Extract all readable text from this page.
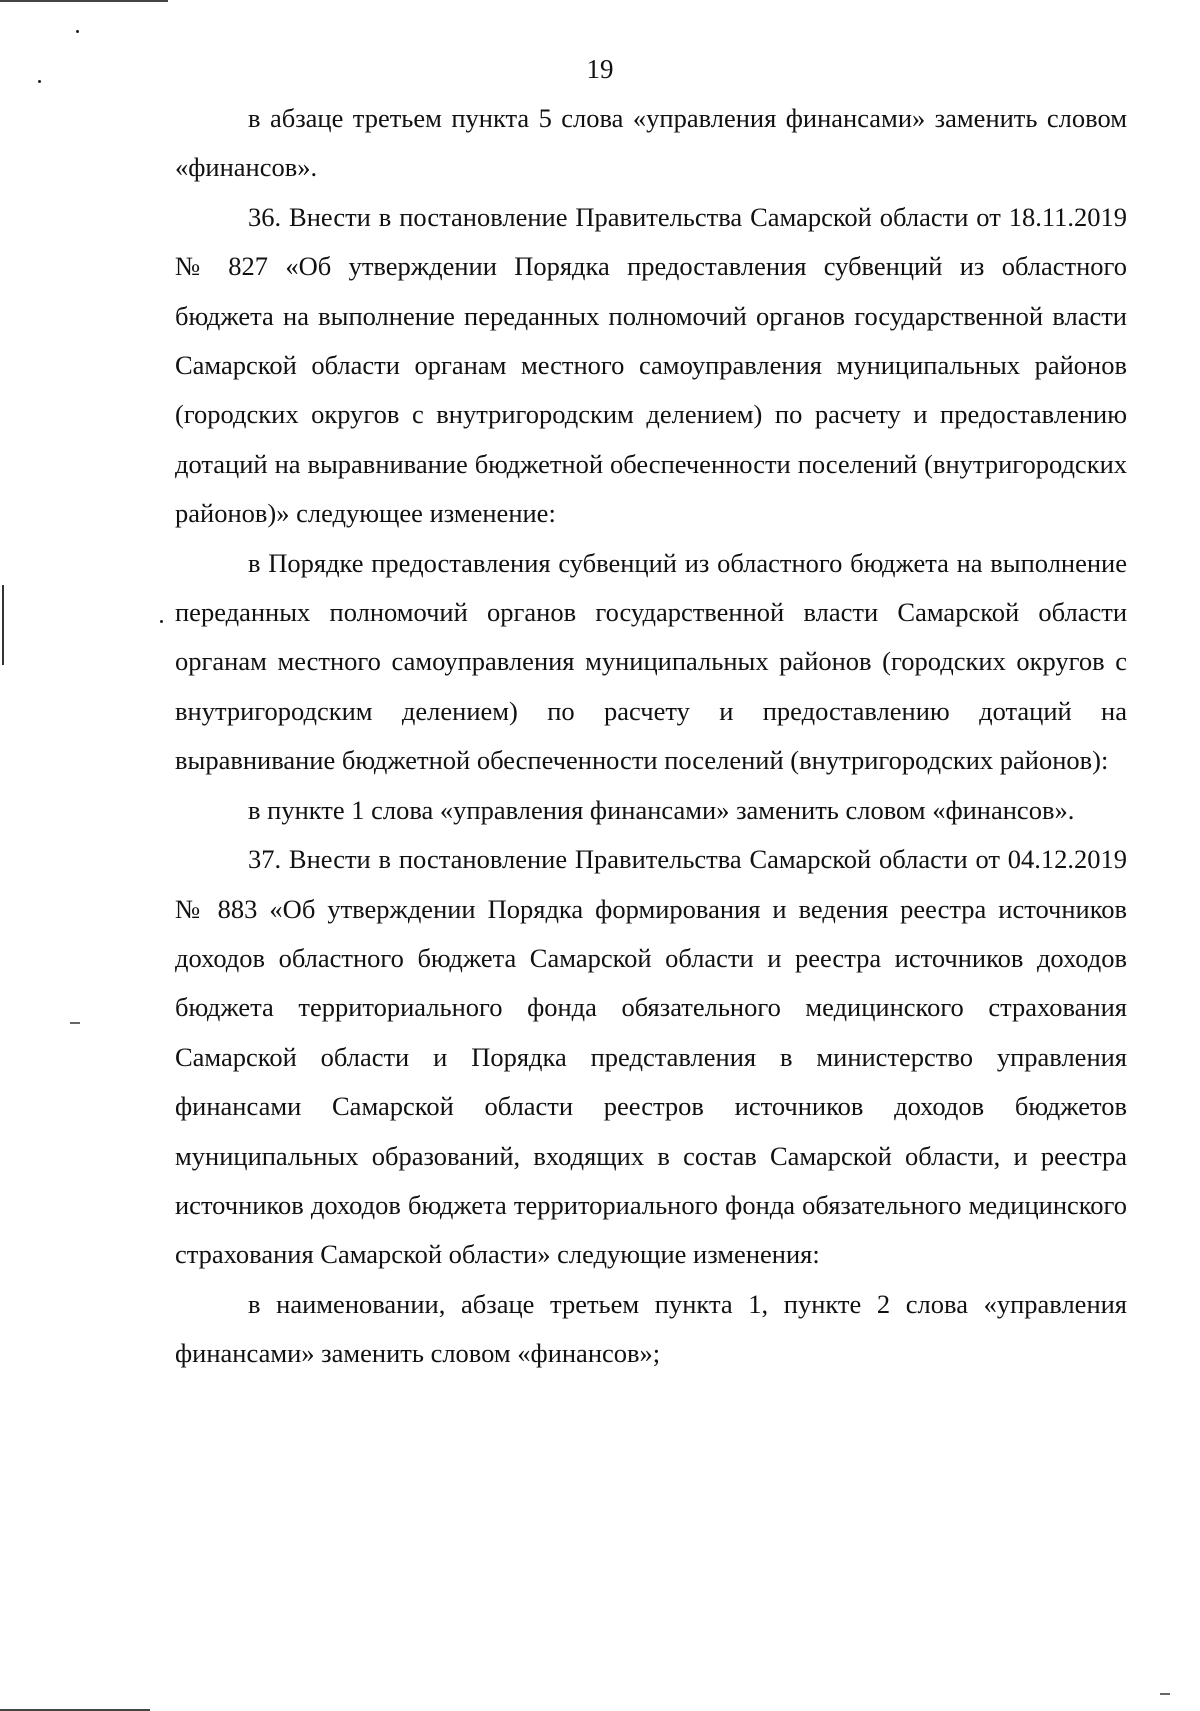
19

в абзаце третьем пункта 5 слова «управления финансами» заменить словом «финансов».

36. Внести в постановление Правительства Самарской области от 18.11.2019 № 827 «Об утверждении Порядка предоставления субвенций из областного бюджета на выполнение переданных полномочий органов государственной власти Самарской области органам местного самоуправления муниципальных районов (городских округов с внутригородским делением) по расчету и предоставлению дотаций на выравнивание бюджетной обеспеченности поселений (внутригородских районов)» следующее изменение:

в Порядке предоставления субвенций из областного бюджета на выполнение переданных полномочий органов государственной власти Самарской области органам местного самоуправления муниципальных районов (городских округов с внутригородским делением) по расчету и предоставлению дотаций на выравнивание бюджетной обеспеченности поселений (внутригородских районов):

в пункте 1 слова «управления финансами» заменить словом «финансов».

37. Внести в постановление Правительства Самарской области от 04.12.2019 № 883 «Об утверждении Порядка формирования и ведения реестра источников доходов областного бюджета Самарской области и реестра источников доходов бюджета территориального фонда обязательного медицинского страхования Самарской области и Порядка представления в министерство управления финансами Самарской области реестров источников доходов бюджетов муниципальных образований, входящих в состав Самарской области, и реестра источников доходов бюджета территориального фонда обязательного медицинского страхования Самарской области» следующие изменения:

в наименовании, абзаце третьем пункта 1, пункте 2 слова «управления финансами» заменить словом «финансов»;
